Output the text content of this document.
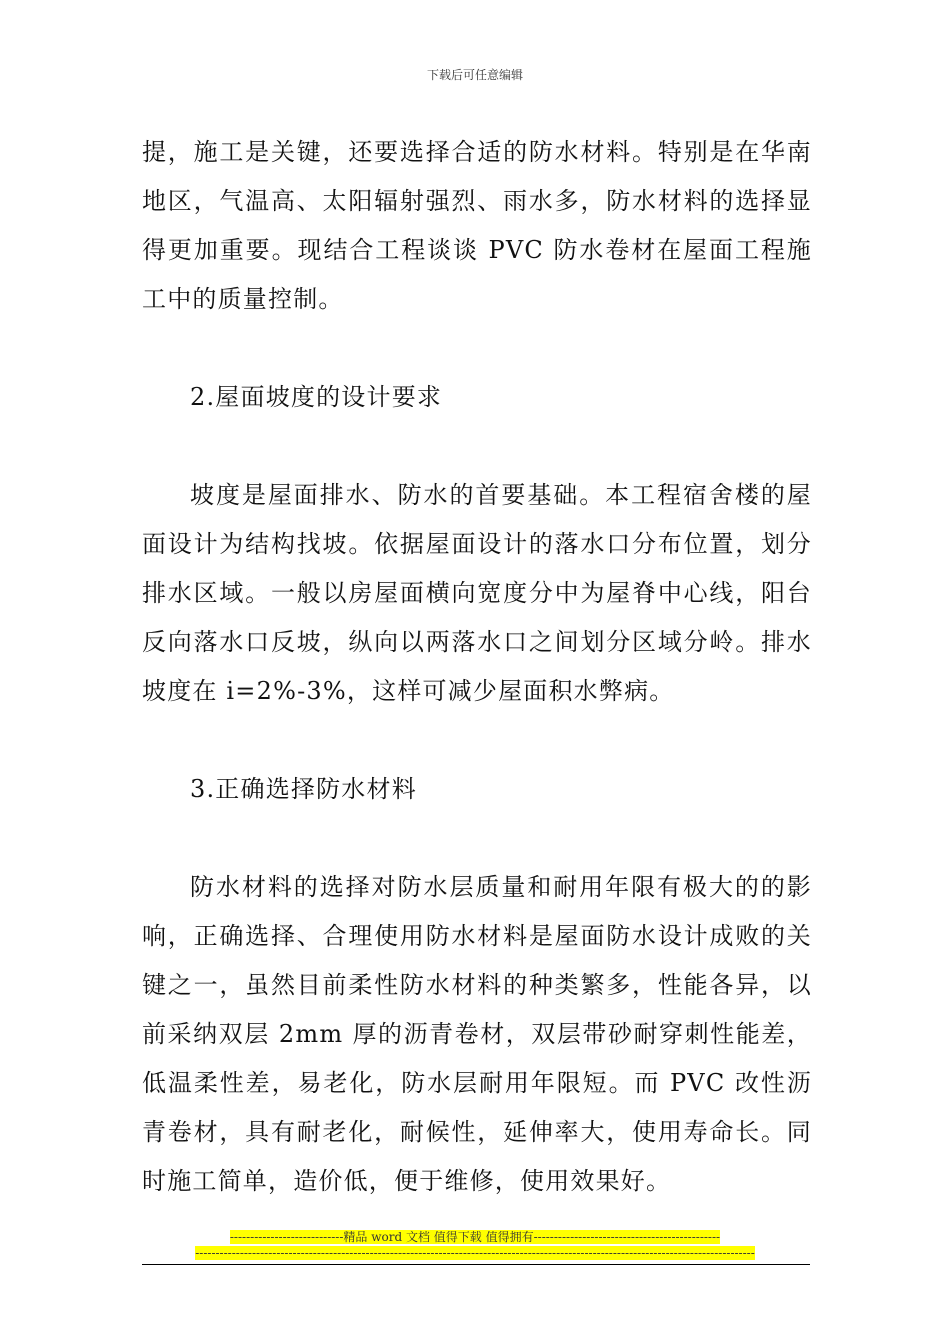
下载后可任意编辑

提，施工是关键，还要选择合适的防水材料。特别是在华南地区，气温高、太阳辐射强烈、雨水多，防水材料的选择显得更加重要。现结合工程谈谈 PVC 防水卷材在屋面工程施工中的质量控制。

2.屋面坡度的设计要求

坡度是屋面排水、防水的首要基础。本工程宿舍楼的屋面设计为结构找坡。依据屋面设计的落水口分布位置，划分排水区域。一般以房屋面横向宽度分中为屋脊中心线，阳台反向落水口反坡，纵向以两落水口之间划分区域分岭。排水坡度在 i=2%-3%，这样可减少屋面积水弊病。

3.正确选择防水材料

防水材料的选择对防水层质量和耐用年限有极大的的影响，正确选择、合理使用防水材料是屋面防水设计成败的关键之一，虽然目前柔性防水材料的种类繁多，性能各异，以前采纳双层 2mm 厚的沥青卷材，双层带砂耐穿刺性能差，低温柔性差，易老化，防水层耐用年限短。而 PVC 改性沥青卷材，具有耐老化，耐候性，延伸率大，使用寿命长。同时施工简单，造价低，便于维修，使用效果好。

----------------------------精品 word 文档 值得下载 值得拥有----------------------------------------------
------------------------------------------------------------------------------------------------------------------------------------------
